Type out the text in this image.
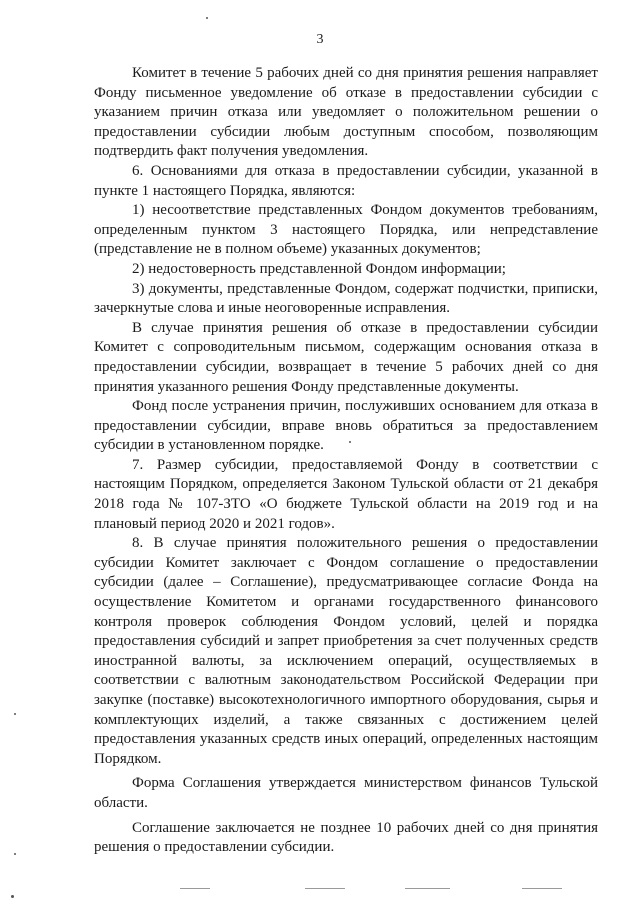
3

Комитет в течение 5 рабочих дней со дня принятия решения направляет Фонду письменное уведомление об отказе в предоставлении субсидии с указанием причин отказа или уведомляет о положительном решении о предоставлении субсидии любым доступным способом, позволяющим подтвердить факт получения уведомления.

6. Основаниями для отказа в предоставлении субсидии, указанной в пункте 1 настоящего Порядка, являются:

1) несоответствие представленных Фондом документов требованиям, определенным пунктом 3 настоящего Порядка, или непредставление (представление не в полном объеме) указанных документов;

2) недостоверность представленной Фондом информации;

3) документы, представленные Фондом, содержат подчистки, приписки, зачеркнутые слова и иные неоговоренные исправления.

В случае принятия решения об отказе в предоставлении субсидии Комитет с сопроводительным письмом, содержащим основания отказа в предоставлении субсидии, возвращает в течение 5 рабочих дней со дня принятия указанного решения Фонду представленные документы.

Фонд после устранения причин, послуживших основанием для отказа в предоставлении субсидии, вправе вновь обратиться за предоставлением субсидии в установленном порядке.

7. Размер субсидии, предоставляемой Фонду в соответствии с настоящим Порядком, определяется Законом Тульской области от 21 декабря 2018 года № 107-ЗТО «О бюджете Тульской области на 2019 год и на плановый период 2020 и 2021 годов».

8. В случае принятия положительного решения о предоставлении субсидии Комитет заключает с Фондом соглашение о предоставлении субсидии (далее – Соглашение), предусматривающее согласие Фонда на осуществление Комитетом и органами государственного финансового контроля проверок соблюдения Фондом условий, целей и порядка предоставления субсидий и запрет приобретения за счет полученных средств иностранной валюты, за исключением операций, осуществляемых в соответствии с валютным законодательством Российской Федерации при закупке (поставке) высокотехнологичного импортного оборудования, сырья и комплектующих изделий, а также связанных с достижением целей предоставления указанных средств иных операций, определенных настоящим Порядком.

Форма Соглашения утверждается министерством финансов Тульской области.

Соглашение заключается не позднее 10 рабочих дней со дня принятия решения о предоставлении субсидии.
